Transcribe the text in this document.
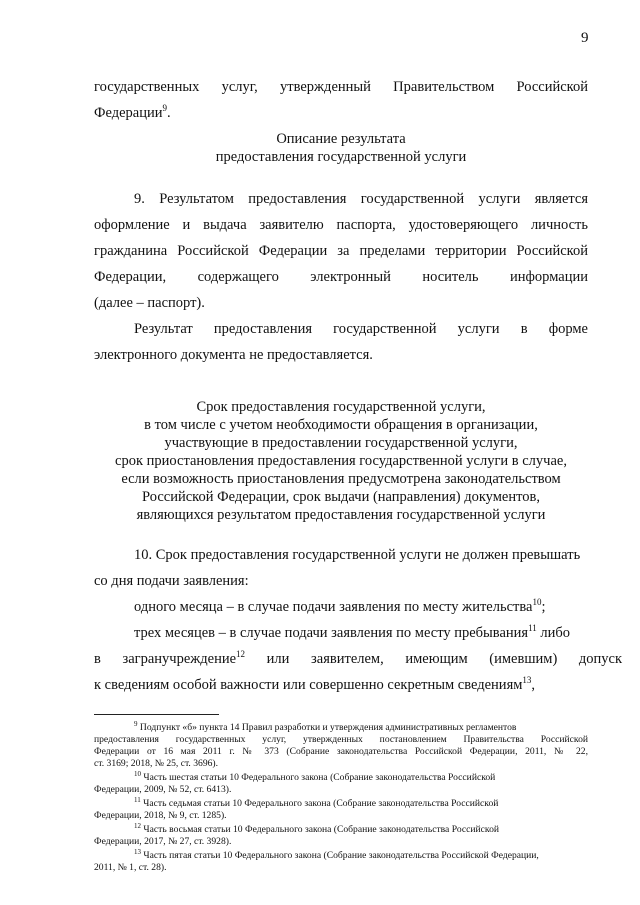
9
государственных услуг, утвержденный Правительством Российской
Федерации$^9$.
Описание результата
предоставления государственной услуги
9. Результатом предоставления государственной услуги является
оформление и выдача заявителю паспорта, удостоверяющего личность
гражданина Российской Федерации за пределами территории Российской
Федерации, содержащего электронный носитель информации
(далее – паспорт).
Результат предоставления государственной услуги в форме
электронного документа не предоставляется.
Срок предоставления государственной услуги,
в том числе с учетом необходимости обращения в организации,
участвующие в предоставлении государственной услуги,
срок приостановления предоставления государственной услуги в случае,
если возможность приостановления предусмотрена законодательством
Российской Федерации, срок выдачи (направления) документов,
являющихся результатом предоставления государственной услуги
10. Срок предоставления государственной услуги не должен превышать
со дня подачи заявления:
одного месяца – в случае подачи заявления по месту жительства$^{10}$;
трех месяцев – в случае подачи заявления по месту пребывания$^{11}$ либо
в загранучреждение$^{12}$ или заявителем, имеющим (имевшим) допуск
к сведениям особой важности или совершенно секретным сведениям$^{13}$,
$^9$ Подпункт «б» пункта 14 Правил разработки и утверждения административных регламентов
предоставления государственных услуг, утвержденных постановлением Правительства Российской
Федерации от 16 мая 2011 г. № 373 (Собрание законодательства Российской Федерации, 2011, № 22,
ст. 3169; 2018, № 25, ст. 3696).
$^{10}$ Часть шестая статьи 10 Федерального закона (Собрание законодательства Российской
Федерации, 2009, № 52, ст. 6413).
$^{11}$ Часть седьмая статьи 10 Федерального закона (Собрание законодательства Российской
Федерации, 2018, № 9, ст. 1285).
$^{12}$ Часть восьмая статьи 10 Федерального закона (Собрание законодательства Российской
Федерации, 2017, № 27, ст. 3928).
$^{13}$ Часть пятая статьи 10 Федерального закона (Собрание законодательства Российской Федерации,
2011, № 1, ст. 28).
